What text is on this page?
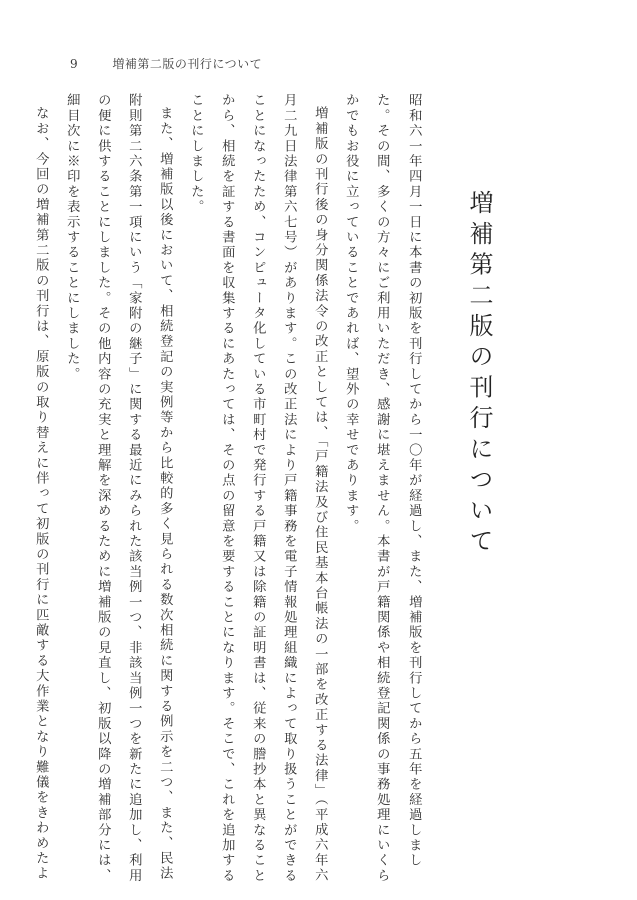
9	増補第二版の刊行について
増補第二版の刊行について
昭和六一年四月一日に本書の初版を刊行してから一〇年が経過し、また、増補版を刊行してから五年を経過しまし
た。その間、多くの方々にご利用いただき、感謝に堪えません。本書が戸籍関係や相続登記関係の事務処理にいくら
かでもお役に立っていることであれば、望外の幸せであります。
増補版の刊行後の身分関係法令の改正としては、「戸籍法及び住民基本台帳法の一部を改正する法律」（平成六年六
月二九日法律第六七号）があります。この改正法により戸籍事務を電子情報処理組織によって取り扱うことができる
ことになったため、コンピュータ化している市町村で発行する戸籍又は除籍の証明書は、従来の謄抄本と異なること
から、相続を証する書面を収集するにあたっては、その点の留意を要することになります。そこで、これを追加する
ことにしました。
また、増補版以後において、相続登記の実例等から比較的多く見られる数次相続に関する例示を二つ、また、民法
附則第二六条第一項にいう「家附の継子」に関する最近にみられた該当例一つ、非該当例一つを新たに追加し、利用
の便に供することにしました。その他内容の充実と理解を深めるために増補版の見直し、初版以降の増補部分には、
細目次に※印を表示することにしました。
なお、今回の増補第二版の刊行は、原版の取り替えに伴って初版の刊行に匹敵する大作業となり難儀をきわめたよ
